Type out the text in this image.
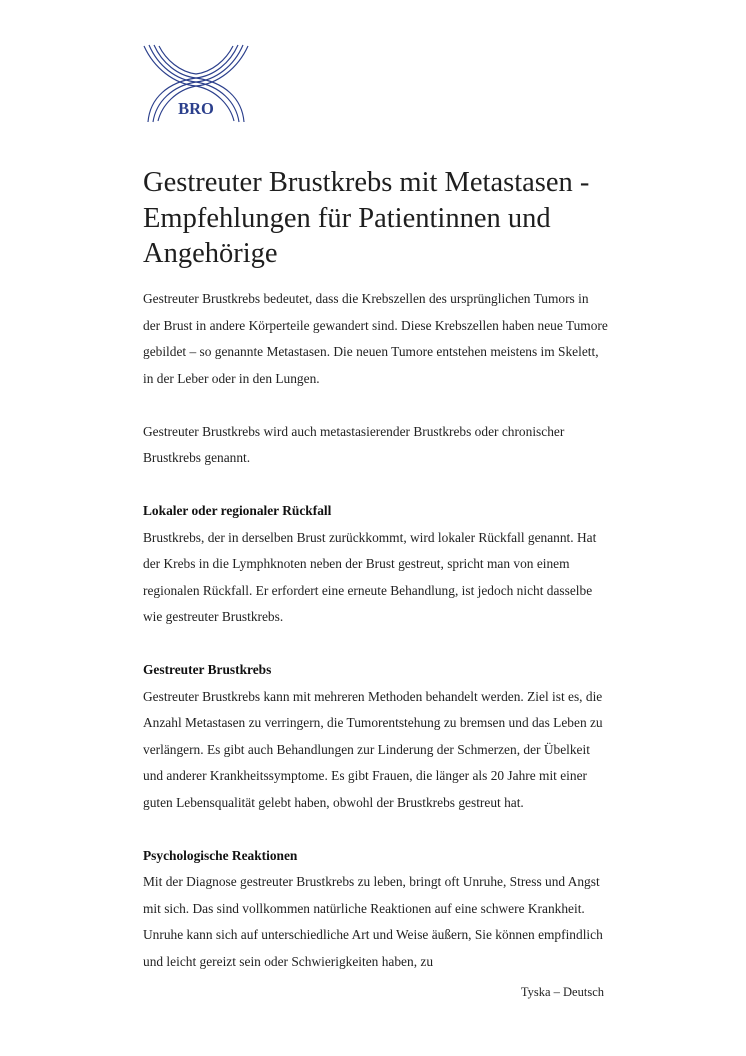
BRO
Gestreuter Brustkrebs mit Metastasen - Empfehlungen für Patientinnen und Angehörige

Gestreuter Brustkrebs bedeutet, dass die Krebszellen des ursprünglichen Tumors in der Brust in andere Körperteile gewandert sind. Diese Krebszellen haben neue Tumore gebildet – so genannte Metastasen. Die neuen Tumore entstehen meistens im Skelett, in der Leber oder in den Lungen.

Gestreuter Brustkrebs wird auch metastasierender Brustkrebs oder chronischer Brustkrebs genannt.

Lokaler oder regionaler Rückfall

Brustkrebs, der in derselben Brust zurückkommt, wird lokaler Rückfall genannt. Hat der Krebs in die Lymphknoten neben der Brust gestreut, spricht man von einem regionalen Rückfall. Er erfordert eine erneute Behandlung, ist jedoch nicht dasselbe wie gestreuter Brustkrebs.

Gestreuter Brustkrebs

Gestreuter Brustkrebs kann mit mehreren Methoden behandelt werden. Ziel ist es, die Anzahl Metastasen zu verringern, die Tumorentstehung zu bremsen und das Leben zu verlängern. Es gibt auch Behandlungen zur Linderung der Schmerzen, der Übelkeit und anderer Krankheitssymptome. Es gibt Frauen, die länger als 20 Jahre mit einer guten Lebensqualität gelebt haben, obwohl der Brustkrebs gestreut hat.

Psychologische Reaktionen

Mit der Diagnose gestreuter Brustkrebs zu leben, bringt oft Unruhe, Stress und Angst mit sich. Das sind vollkommen natürliche Reaktionen auf eine schwere Krankheit. Unruhe kann sich auf unterschiedliche Art und Weise äußern, Sie können empfindlich und leicht gereizt sein oder Schwierigkeiten haben, zu

Tyska – Deutsch
